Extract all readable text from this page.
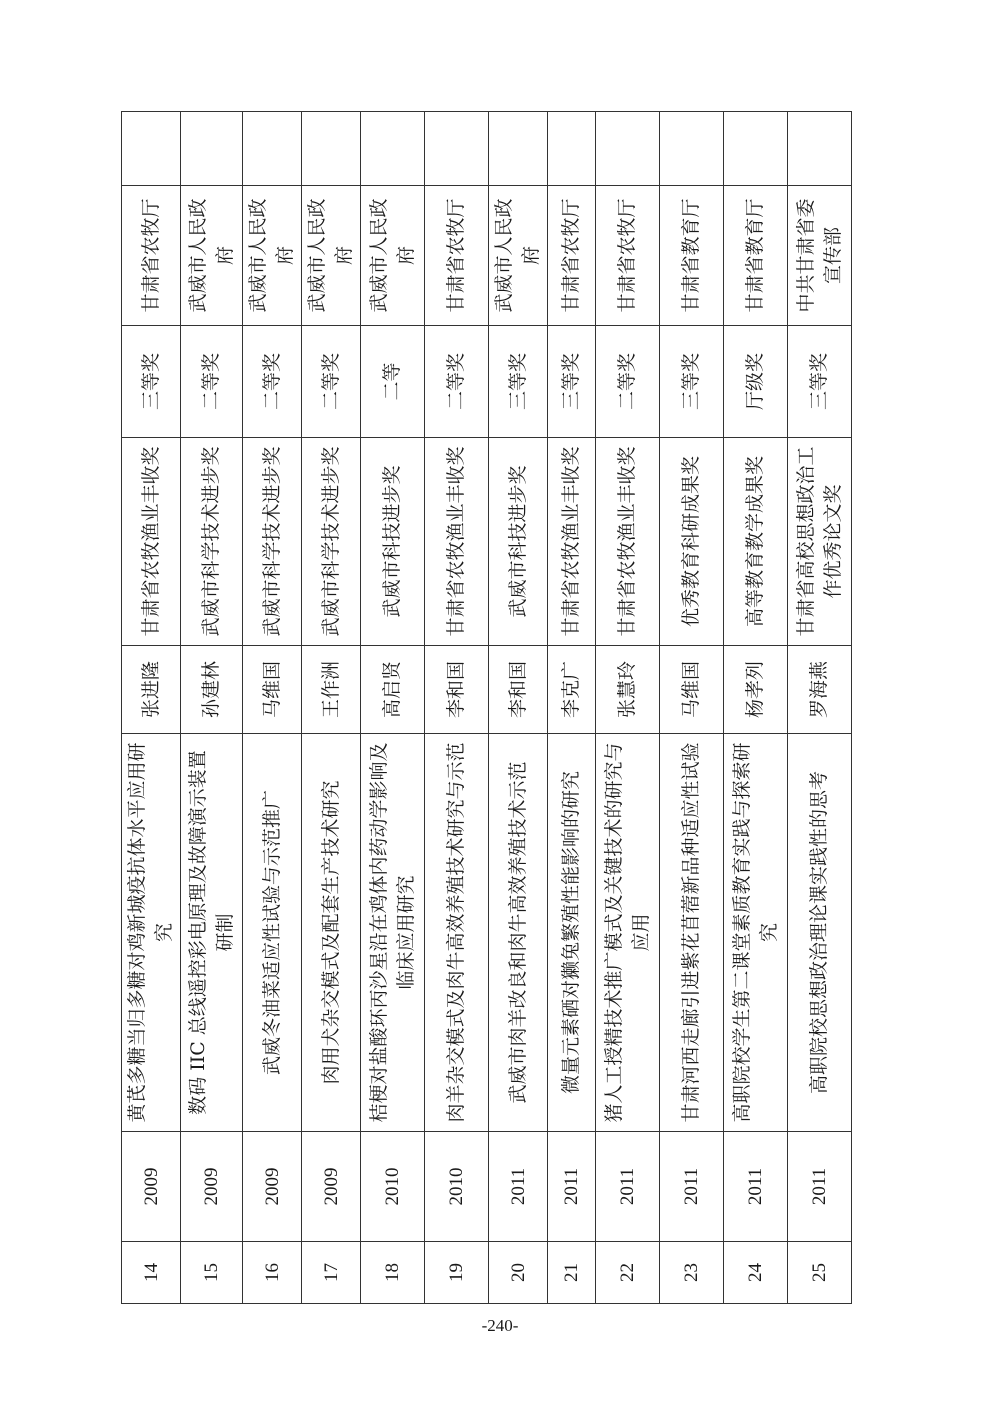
14	2009	黄芪多糖当归多糖对鸡新城疫抗体水平应用研究	张进隆	甘肃省农牧渔业丰收奖	三等奖	甘肃省农牧厅	
15	2009	数码 IIC 总线遥控彩电原理及故障演示装置研制	孙建林	武威市科学技术进步奖	二等奖	武威市人民政府	
16	2009	武威冬油菜适应性试验与示范推广	马维国	武威市科学技术进步奖	二等奖	武威市人民政府	
17	2009	肉用犬杂交模式及配套生产技术研究	王作洲	武威市科学技术进步奖	二等奖	武威市人民政府	
18	2010	桔梗对盐酸环丙沙星沿在鸡体内药动学影响及临床应用研究	高启贤	武威市科技进步奖	二等	武威市人民政府	
19	2010	肉羊杂交模式及肉牛高效养殖技术研究与示范	李和国	甘肃省农牧渔业丰收奖	二等奖	甘肃省农牧厅	
20	2011	武威市肉羊改良和肉牛高效养殖技术示范	李和国	武威市科技进步奖	三等奖	武威市人民政府	
21	2011	微量元素硒对獭兔繁殖性能影响的研究	李克广	甘肃省农牧渔业丰收奖	三等奖	甘肃省农牧厅	
22	2011	猪人工授精技术推广模式及关键技术的研究与应用	张慧玲	甘肃省农牧渔业丰收奖	二等奖	甘肃省农牧厅	
23	2011	甘肃河西走廊引进紫花苜蓿新品种适应性试验	马维国	优秀教育科研成果奖	三等奖	甘肃省教育厅	
24	2011	高职院校学生第二课堂素质教育实践与探索研究	杨孝列	高等教育教学成果奖	厅级奖	甘肃省教育厅	
25	2011	高职院校思想政治理论课实践性的思考	罗海燕	甘肃省高校思想政治工作优秀论文奖	三等奖	中共甘肃省委宣传部	
-240-
